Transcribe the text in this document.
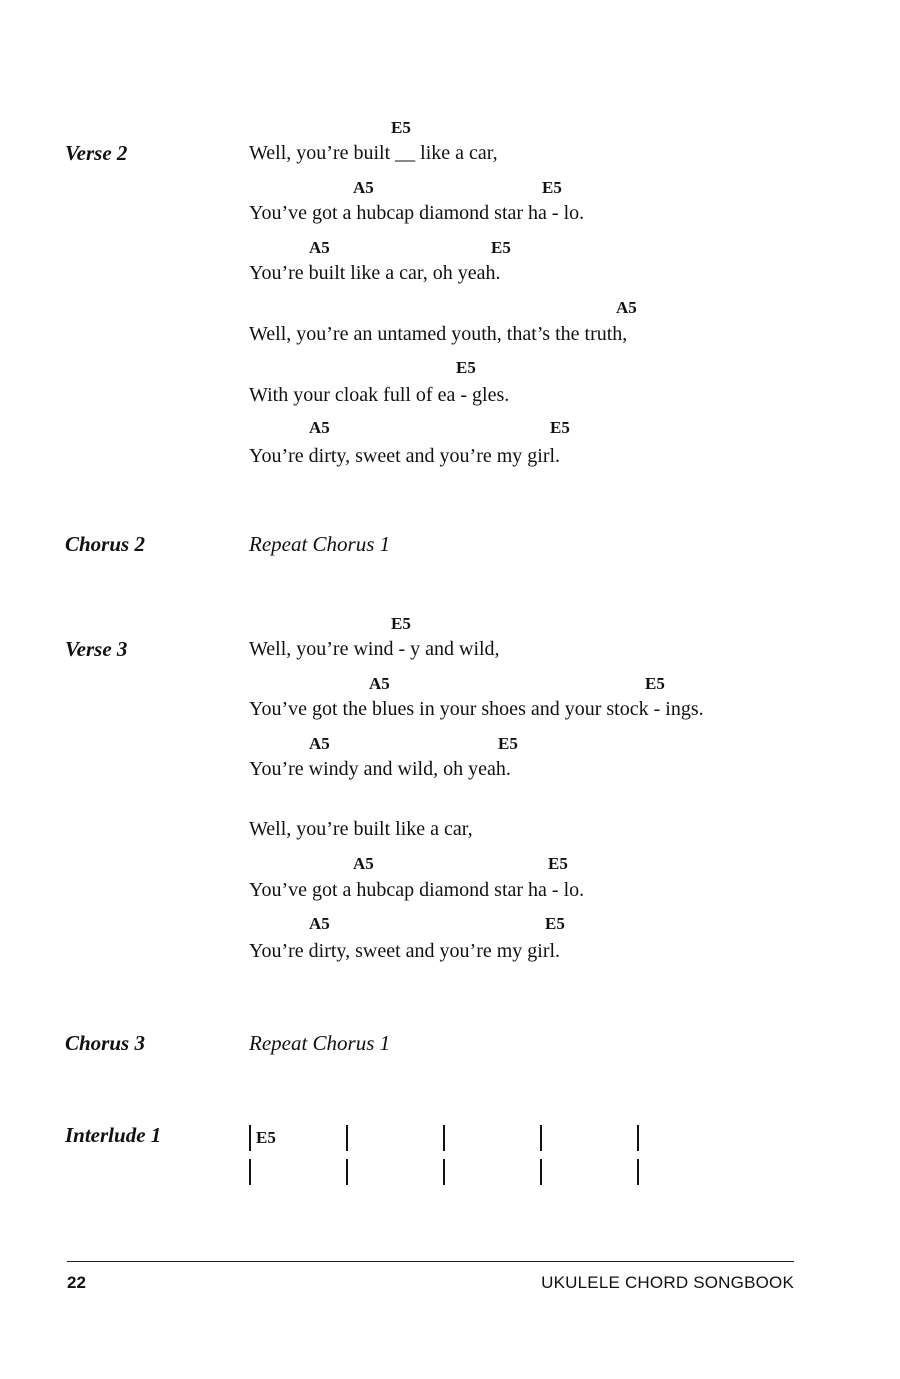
Verse 2
E5
Well, you’re built __ like a car,
A5	E5
You’ve got a hubcap diamond star ha - lo.
A5	E5
You’re built like a car, oh yeah.
A5
Well, you’re an untamed youth, that’s the truth,
E5
With your cloak full of ea - gles.
A5	E5
You’re dirty, sweet and you’re my girl.
Chorus 2	Repeat Chorus 1
Verse 3
E5
Well, you’re wind - y and wild,
A5	E5
You’ve got the blues in your shoes and your stock - ings.
A5	E5
You’re windy and wild, oh yeah.
Well, you’re built like a car,
A5	E5
You’ve got a hubcap diamond star ha - lo.
A5	E5
You’re dirty, sweet and you’re my girl.
Chorus 3	Repeat Chorus 1
Interlude 1	E5
22	UKULELE CHORD SONGBOOK
